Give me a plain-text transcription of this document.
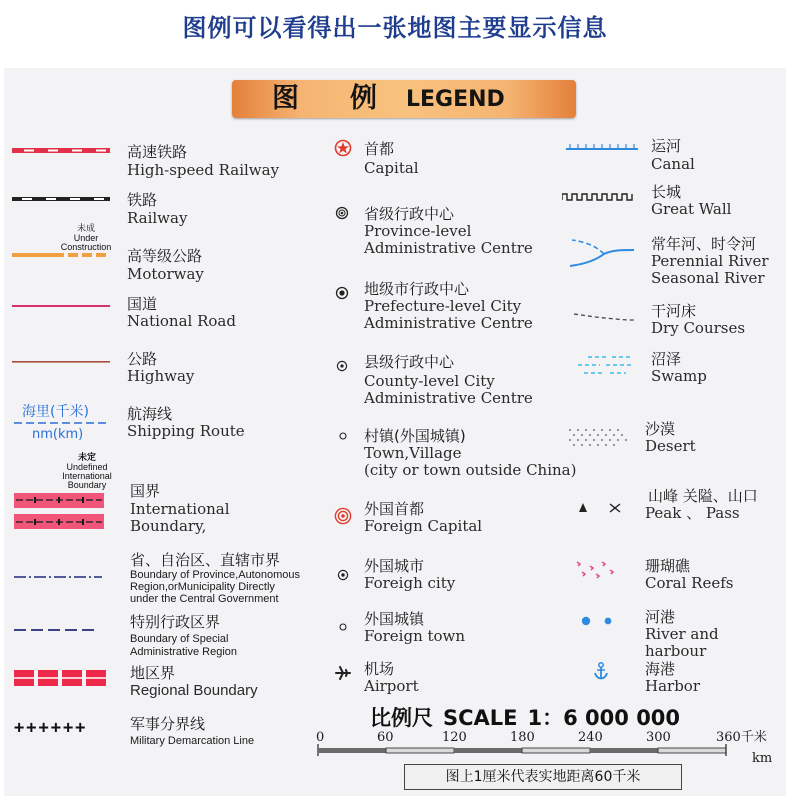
图例可以看得出一张地图主要显示信息
图 例 LEGEND
高速铁路
High-speed Railway
铁路
Railway
未成
Under
Construction 高等级公路
Motorway
国道
National Road
公路
Highway
海里(千米)
nm(km)
航海线
Shipping Route
未定
Undefined
International
Boundary	国界
International
Boundary,
省、自治区、直辖市界
Boundary of Province,Autonomous
Region,orMunicipality Directly
under the Central Government
特别行政区界
Boundary of Special
Administrative Region
地区界
Regional Boundary
++++++	军事分界线
Military Demarcation Line
首都
Capital
省级行政中心
Province-level
Administrative Centre
地级市行政中心
Prefecture-level City
Administrative Centre
县级行政中心
County-level City
Administrative Centre
村镇(外国城镇)
Town,Village
(city or town outside China)
外国首都
Foreign Capital
外国城市
Foreigh city
外国城镇
Foreign town
机场
Airport
运河
Canal
长城
Great Wall
常年河、时令河
Perennial River
Seasonal River
干河床
Dry Courses
沼泽
Swamp
沙漠
Desert
山峰 关隘、山口
Peak 、 Pass
珊瑚礁
Coral Reefs
河港
River and
harbour
海港
Harbor
比例尺 SCALE 1：6 000 000
0	60	120	180	240	300	360千米
km
图上1厘米代表实地距离60千米
